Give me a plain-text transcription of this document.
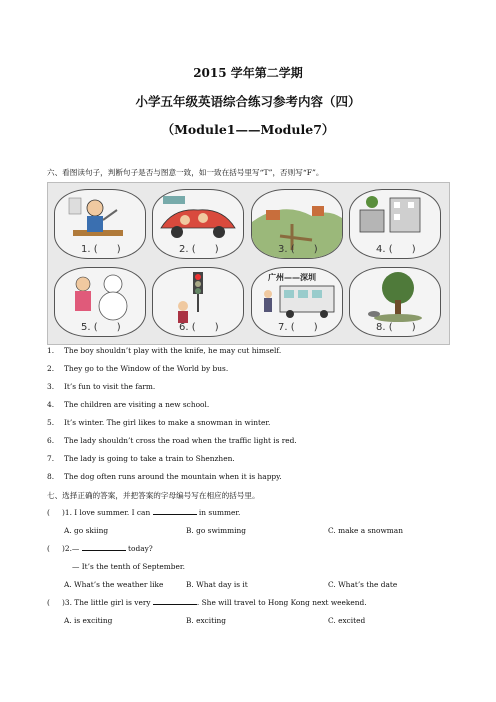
2015 学年第二学期
小学五年级英语综合练习参考内容（四）
（Module1——Module7）
六、看图读句子，判断句子是否与图意一致，如一致在括号里写“T”，否则写“F”。
1. (      )	2. (      )	3. (      )	4. (      )
5. (      )	6. (      )
广州——深圳
7. (      )	8. (      )
1. The boy shouldn’t play with the knife, he may cut himself.
2. They go to the Window of the World by bus.
3. It’s fun to visit the farm.
4. The children are visiting a new school.
5. It’s winter. The girl likes to make a snowman in winter.
6. The lady shouldn’t cross the road when the traffic light is red.
7. The lady is going to take a train to Shenzhen.
8. The dog often runs around the mountain when it is happy.
七、选择正确的答案，并把答案的字母编号写在相应的括号里。
( )1. I love summer. I can	in summer.
A. go skiing	B. go swimming	C. make a snowman
( )2.—	today?
— It’s the tenth of September.
A. What’s the weather like	B. What day is it	C. What’s the date
( )3. The little girl is very	. She will travel to Hong Kong next weekend.
A. is exciting	B. exciting	C. excited
